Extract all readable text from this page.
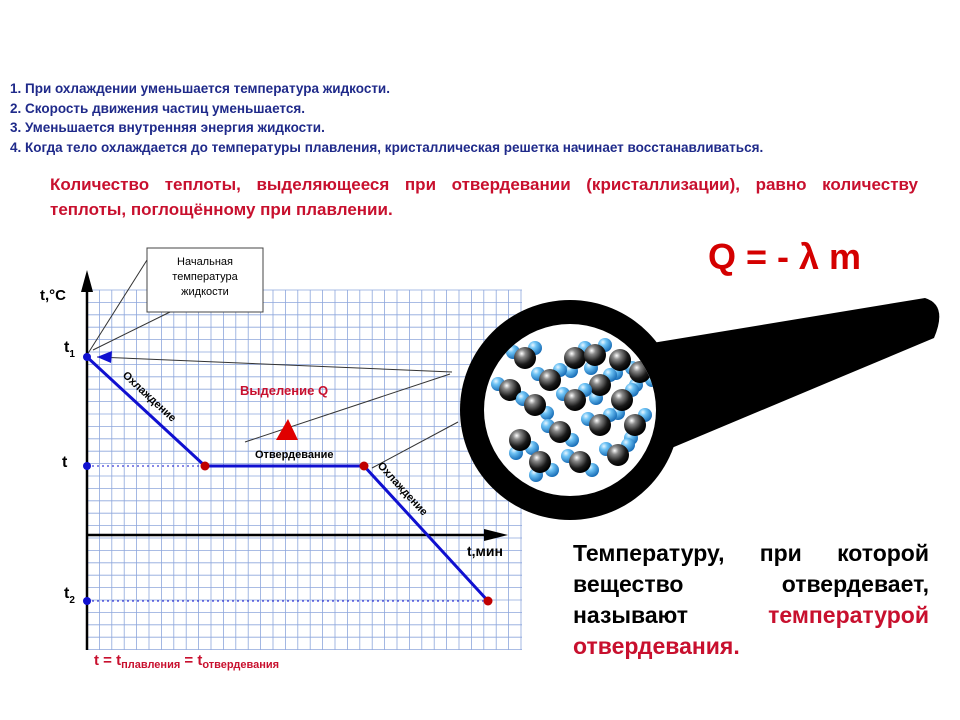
1. При охлаждении уменьшается температура жидкости.
2. Скорость движения частиц уменьшается.
3. Уменьшается внутренняя энергия жидкости.
4. Когда тело охлаждается до температуры плавления, кристаллическая решетка начинает восстанавливаться.
Количество теплоты, выделяющееся при отвердевании (кристаллизации), равно количеству теплоты, поглощённому при плавлении.
Q = - λ m
Температуру, при которой вещество отвердевает, называют температурой отвердевания.
Начальная
температура
жидкости
t,°C
t,мин
$t_1$
t
$t_2$
Охлаждение
Отвердевание
Охлаждение
Выделение Q
$t = t_{плавления} = t_{отвердевания}$
